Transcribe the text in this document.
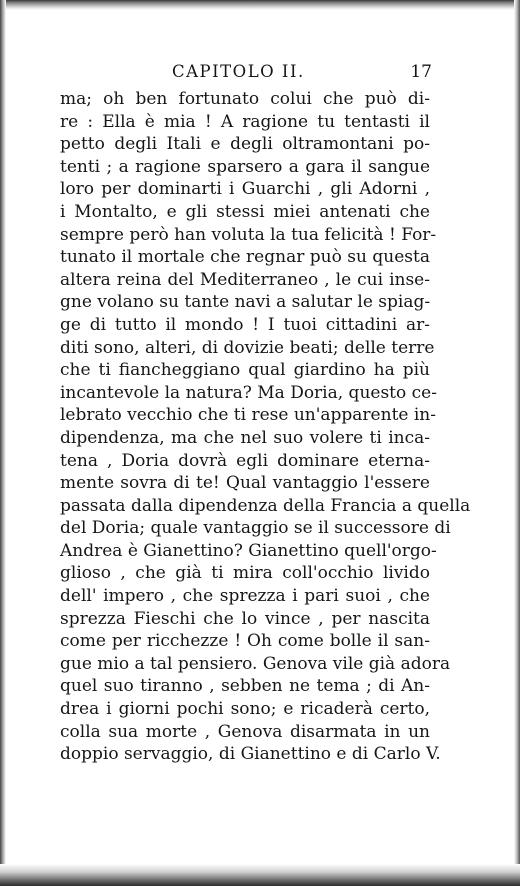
CAPITOLO II.	17
ma; oh ben fortunato colui che può di-
re : Ella è mia ! A ragione tu tentasti il
petto degli Itali e degli oltramontani po-
tenti ; a ragione sparsero a gara il sangue
loro per dominarti i Guarchi , gli Adorni ,
i Montalto, e gli stessi miei antenati che
sempre però han voluta la tua felicità ! For-
tunato il mortale che regnar può su questa
altera reina del Mediterraneo , le cui inse-
gne volano su tante navi a salutar le spiag-
ge di tutto il mondo ! I tuoi cittadini ar-
diti sono, alteri, di dovizie beati; delle terre
che ti fiancheggiano qual giardino ha più
incantevole la natura? Ma Doria, questo ce-
lebrato vecchio che ti rese un'apparente in-
dipendenza, ma che nel suo volere ti inca-
tena , Doria dovrà egli dominare eterna-
mente sovra di te! Qual vantaggio l'essere
passata dalla dipendenza della Francia a quella
del Doria; quale vantaggio se il successore di
Andrea è Gianettino? Gianettino quell'orgo-
glioso , che già ti mira coll'occhio livido
dell' impero , che sprezza i pari suoi , che
sprezza Fieschi che lo vince , per nascita
come per ricchezze ! Oh come bolle il san-
gue mio a tal pensiero. Genova vile già adora
quel suo tiranno , sebben ne tema ; di An-
drea i giorni pochi sono; e ricaderà certo,
colla sua morte , Genova disarmata in un
doppio servaggio, di Gianettino e di Carlo V.
